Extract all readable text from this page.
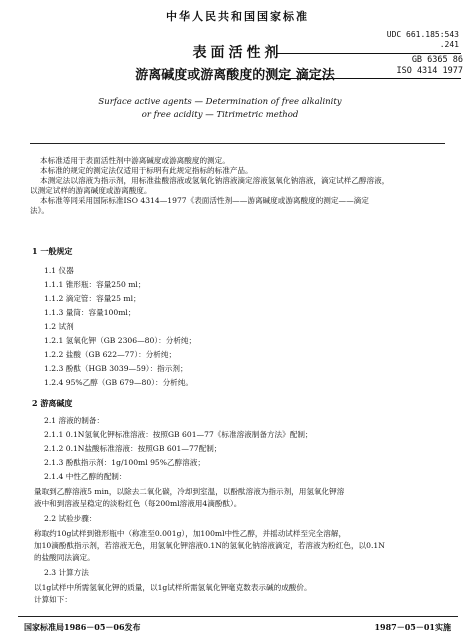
中华人民共和国国家标准
UDC 661.185:543
.241
GB 6365 86
ISO 4314 1977
表面活性剂
游离碱度或游离酸度的测定 滴定法
Surface active agents — Determination of free alkalinity
or free acidity — Titrimetric method
本标准适用于表面活性剂中游离碱度或游离酸度的测定。
本标准的规定的测定法仅适用于标明有此规定指标的标准产品。
本测定法以溶液为指示剂，用标准盐酸溶液或氢氧化钠溶液滴定溶液氢氧化钠溶液，滴定试样乙醇溶液，
以测定试样的游离碱度或游离酸度。
本标准等同采用国际标准ISO 4314—1977《表面活性剂——游离碱度或游离酸度的测定——滴定
法》。
1 一般规定
1.1 仪器
1.1.1 锥形瓶：容量250 ml；
1.1.2 滴定管：容量25 ml；
1.1.3 量筒：容量100ml；
1.2 试剂
1.2.1 氢氧化钾（GB 2306—80）：分析纯；
1.2.2 盐酸（GB 622—77）：分析纯；
1.2.3 酚酞（HGB 3039—59）：指示剂；
1.2.4 95%乙醇（GB 679—80）：分析纯。
2 游离碱度
2.1 溶液的制备：
2.1.1 0.1N氢氧化钾标准溶液：按照GB 601—77《标准溶液制备方法》配制；
2.1.2 0.1N盐酸标准溶液：按照GB 601—77配制；
2.1.3 酚酞指示剂：1g/100ml 95%乙醇溶液；
2.1.4 中性乙醇的配制：
量取到乙醇溶液5 min，以除去二氧化碳，冷却到室温，以酚酞溶液为指示剂，用氢氧化钾溶
液中和到溶液呈稳定的淡粉红色（每200ml溶液用4滴酚酞）。
2.2 试验步骤：
称取约10g试样到锥形瓶中（称准至0.001g），加100ml中性乙醇，并摇动试样至完全溶解，
加10滴酚酞指示剂，若溶液无色，用氢氧化钾溶液0.1N的氢氧化钠溶液滴定，若溶液为粉红色，以0.1N
的盐酸同法滴定。
2.3 计算方法
以1g试样中所需氢氧化钾的质量，以1g试样所需氢氧化钾毫克数表示碱的成酸价。
计算如下：
国家标准局1986－05－06发布	1987－05－01实施
